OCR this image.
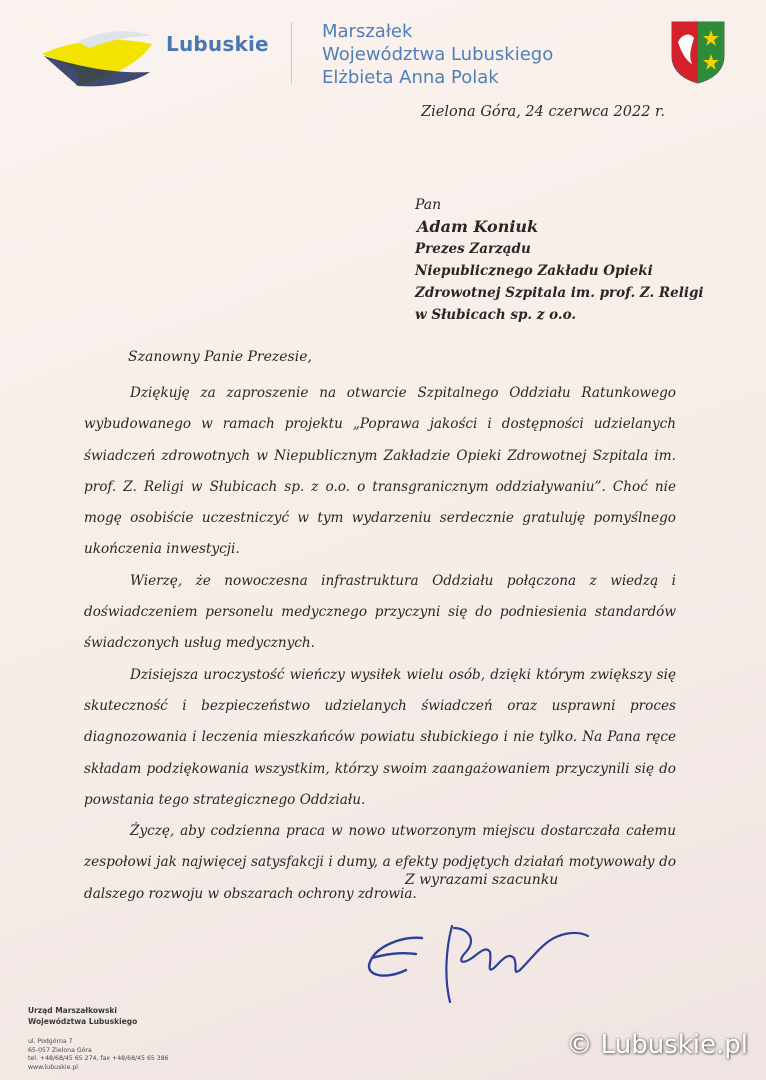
Lubuskie
Marszałek
Województwa Lubuskiego
Elżbieta Anna Polak
Zielona Góra, 24 czerwca 2022 r.
Pan
Adam Koniuk
Prezes Zarządu
Niepublicznego Zakładu Opieki
Zdrowotnej Szpitala im. prof. Z. Religi
w Słubicach sp. z o.o.
Szanowny Panie Prezesie,

Dziękuję za zaproszenie na otwarcie Szpitalnego Oddziału Ratunkowego wybudowanego w ramach projektu „Poprawa jakości i dostępności udzielanych świadczeń zdrowotnych w Niepublicznym Zakładzie Opieki Zdrowotnej Szpitala im. prof. Z. Religi w Słubicach sp. z o.o. o transgranicznym oddziaływaniu”. Choć nie mogę osobiście uczestniczyć w tym wydarzeniu serdecznie gratuluję pomyślnego ukończenia inwestycji.

Wierzę, że nowoczesna infrastruktura Oddziału połączona z wiedzą i doświadczeniem personelu medycznego przyczyni się do podniesienia standardów świadczonych usług medycznych.

Dzisiejsza uroczystość wieńczy wysiłek wielu osób, dzięki którym zwiększy się skuteczność i bezpieczeństwo udzielanych świadczeń oraz usprawni proces diagnozowania i leczenia mieszkańców powiatu słubickiego i nie tylko. Na Pana ręce składam podziękowania wszystkim, którzy swoim zaangażowaniem przyczynili się do powstania tego strategicznego Oddziału.

Życzę, aby codzienna praca w nowo utworzonym miejscu dostarczała całemu zespołowi jak najwięcej satysfakcji i dumy, a efekty podjętych działań motywowały do dalszego rozwoju w obszarach ochrony zdrowia.

Z wyrazami szacunku
Urząd Marszałkowski
Województwa Lubuskiego
ul. Podgórna 7
65-057 Zielona Góra
tel. +48/68/45 65 274, fax +48/68/45 65 386
www.lubuskie.pl
© Lubuskie.pl
